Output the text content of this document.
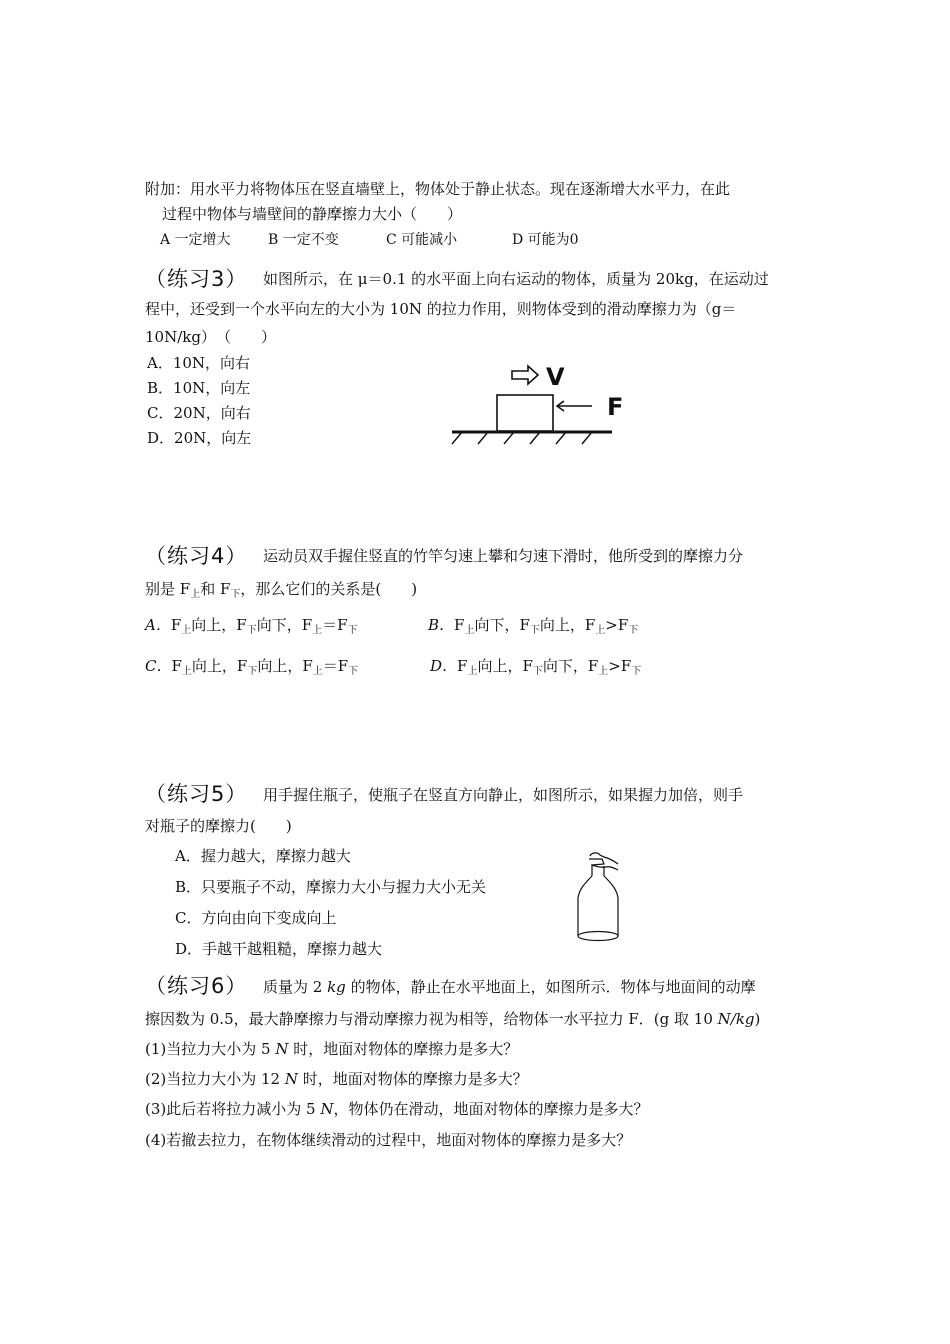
附加：用水平力将物体压在竖直墙壁上，物体处于静止状态。现在逐渐增大水平力，在此
过程中物体与墙壁间的静摩擦力大小（　　）
A 一定增大	B 一定不变	C 可能减小	D 可能为0
（练习3） 如图所示，在 μ＝0.1 的水平面上向右运动的物体，质量为 20kg，在运动过
程中，还受到一个水平向左的大小为 10N 的拉力作用，则物体受到的滑动摩擦力为（g＝
10N/kg）　（　　）
A．10N，向右
B．10N，向左
C．20N，向右
D．20N，向左
V
F
（练习4） 运动员双手握住竖直的竹竿匀速上攀和匀速下滑时，他所受到的摩擦力分
别是 $F_上$和 $F_下$，那么它们的关系是(　　)
A．$F_上$向上，$F_下$向下，$F_上=F_下$	B．$F_上$向下，$F_下$向上，$F_上>F_下$
C．$F_上$向上，$F_下$向上，$F_上=F_下$	D．$F_上$向上，$F_下$向下，$F_上>F_下$
（练习5） 用手握住瓶子，使瓶子在竖直方向静止，如图所示，如果握力加倍，则手
对瓶子的摩擦力(　　)
A．握力越大，摩擦力越大
B．只要瓶子不动，摩擦力大小与握力大小无关
C．方向由向下变成向上
D．手越干越粗糙，摩擦力越大
（练习6） 质量为 2 kg 的物体，静止在水平地面上，如图所示．物体与地面间的动摩
擦因数为 0.5，最大静摩擦力与滑动摩擦力视为相等，给物体一水平拉力 F．(g 取 10 N/kg)
(1)当拉力大小为 5 N 时，地面对物体的摩擦力是多大？
(2)当拉力大小为 12 N 时，地面对物体的摩擦力是多大？
(3)此后若将拉力减小为 5 N，物体仍在滑动，地面对物体的摩擦力是多大？
(4)若撤去拉力，在物体继续滑动的过程中，地面对物体的摩擦力是多大？
